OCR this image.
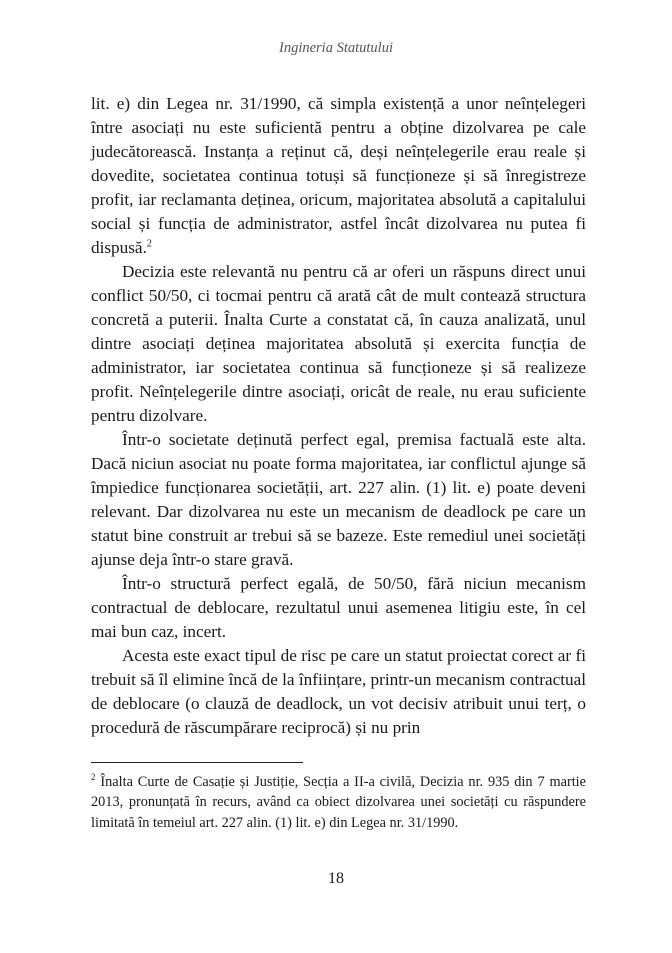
Ingineria Statutului

lit. e) din Legea nr. 31/1990, că simpla existență a unor neînțelegeri între asociați nu este suficientă pentru a obține dizolvarea pe cale judecătorească. Instanța a reținut că, deși neînțelegerile erau reale și dovedite, societatea continua totuși să funcționeze și să înregistreze profit, iar reclamanta deținea, oricum, majoritatea absolută a capitalului social și funcția de administrator, astfel încât dizolvarea nu putea fi dispusă.$^2$

Decizia este relevantă nu pentru că ar oferi un răspuns direct unui conflict 50/50, ci tocmai pentru că arată cât de mult contează structura concretă a puterii. Înalta Curte a constatat că, în cauza analizată, unul dintre asociați deținea majoritatea absolută și exercita funcția de administrator, iar societatea continua să funcționeze și să realizeze profit. Neînțelegerile dintre asociați, oricât de reale, nu erau suficiente pentru dizolvare.

Într-o societate deținută perfect egal, premisa factuală este alta. Dacă niciun asociat nu poate forma majoritatea, iar conflictul ajunge să împiedice funcționarea societății, art. 227 alin. (1) lit. e) poate deveni relevant. Dar dizolvarea nu este un mecanism de deadlock pe care un statut bine construit ar trebui să se bazeze. Este remediul unei societăți ajunse deja într-o stare gravă.

Într-o structură perfect egală, de 50/50, fără niciun mecanism contractual de deblocare, rezultatul unui asemenea litigiu este, în cel mai bun caz, incert.

Acesta este exact tipul de risc pe care un statut proiectat corect ar fi trebuit să îl elimine încă de la înființare, printr-un mecanism contractual de deblocare (o clauză de deadlock, un vot decisiv atribuit unui terț, o procedură de răscumpărare reciprocă) și nu prin

$^2$ Înalta Curte de Casație și Justiție, Secția a II-a civilă, Decizia nr. 935 din 7 martie 2013, pronunțată în recurs, având ca obiect dizolvarea unei societăți cu răspundere limitată în temeiul art. 227 alin. (1) lit. e) din Legea nr. 31/1990.

18
